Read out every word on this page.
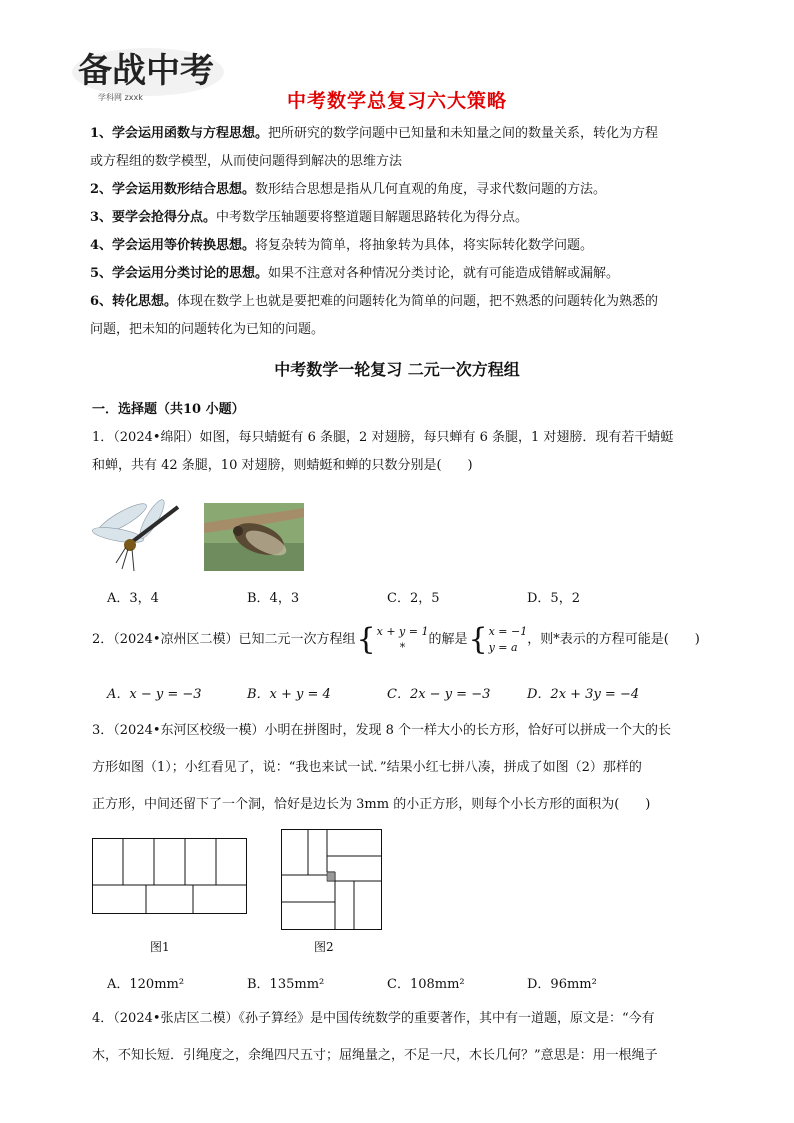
备战中考
学科网 zxxk	中考数学总复习六大策略

1、学会运用函数与方程思想。把所研究的数学问题中已知量和未知量之间的数量关系，转化为方程

或方程组的数学模型，从而使问题得到解决的思维方法

2、学会运用数形结合思想。数形结合思想是指从几何直观的角度，寻求代数问题的方法。

3、要学会抢得分点。中考数学压轴题要将整道题目解题思路转化为得分点。

4、学会运用等价转换思想。将复杂转为简单，将抽象转为具体，将实际转化数学问题。

5、学会运用分类讨论的思想。如果不注意对各种情况分类讨论，就有可能造成错解或漏解。

6、转化思想。体现在数学上也就是要把难的问题转化为简单的问题，把不熟悉的问题转化为熟悉的

问题，把未知的问题转化为已知的问题。

中考数学一轮复习 二元一次方程组
一．选择题（共10 小题）
1．（2024•绵阳）如图，每只蜻蜓有 6 条腿，2 对翅膀，每只蝉有 6 条腿，1 对翅膀．现有若干蜻蜓
和蝉，共有 42 条腿，10 对翅膀，则蜻蜓和蝉的只数分别是(　　)
A．3，4	B．4，3	C．2，5	D．5，2
2．（2024•凉州区二模）已知二元一次方程组 { x + y = 1
*
的解是 { x = −1
y = a
，则*表示的方程可能是(　　)
A．x − y = −3	B．x + y = 4	C．2x − y = −3	D．2x + 3y = −4
3．（2024•东河区校级一模）小明在拼图时，发现 8 个一样大小的长方形，恰好可以拼成一个大的长
方形如图（1）；小红看见了，说：“我也来试一试．”结果小红七拼八凑，拼成了如图（2）那样的
正方形，中间还留下了一个洞，恰好是边长为 3mm 的小正方形，则每个小长方形的面积为(　　)
图1	图2
A．120mm²	B．135mm²	C．108mm²	D．96mm²
4．（2024•张店区二模）《孙子算经》是中国传统数学的重要著作，其中有一道题，原文是：“今有
木，不知长短．引绳度之，余绳四尺五寸；屈绳量之，不足一尺，木长几何？”意思是：用一根绳子
